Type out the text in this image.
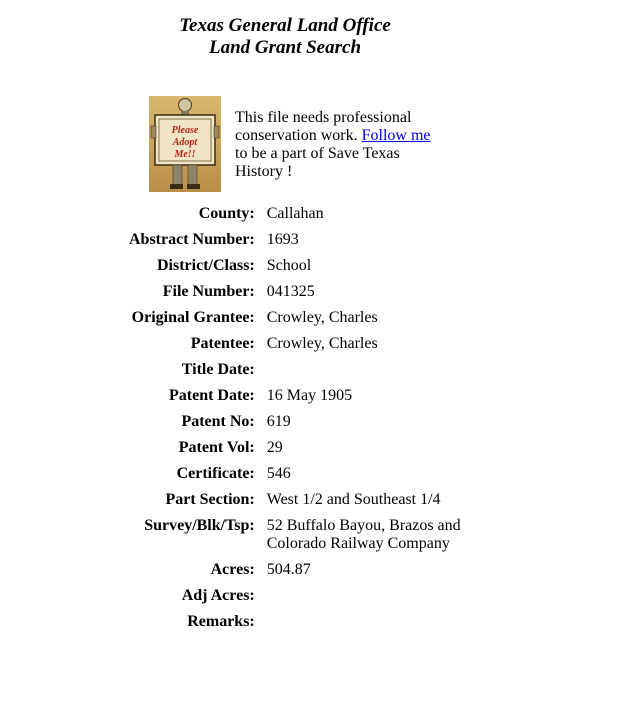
Texas General Land Office
Land Grant Search
Please
Adopt
Me!!
This file needs professional conservation work. Follow me to be a part of Save Texas History !
County:	Callahan
Abstract Number:	1693
District/Class:	School
File Number:	041325
Original Grantee:	Crowley, Charles
Patentee:	Crowley, Charles
Title Date:	
Patent Date:	16 May 1905
Patent No:	619
Patent Vol:	29
Certificate:	546
Part Section:	West 1/2 and Southeast 1/4
Survey/Blk/Tsp:	52 Buffalo Bayou, Brazos and Colorado Railway Company
Acres:	504.87
Adj Acres:	
Remarks:	
